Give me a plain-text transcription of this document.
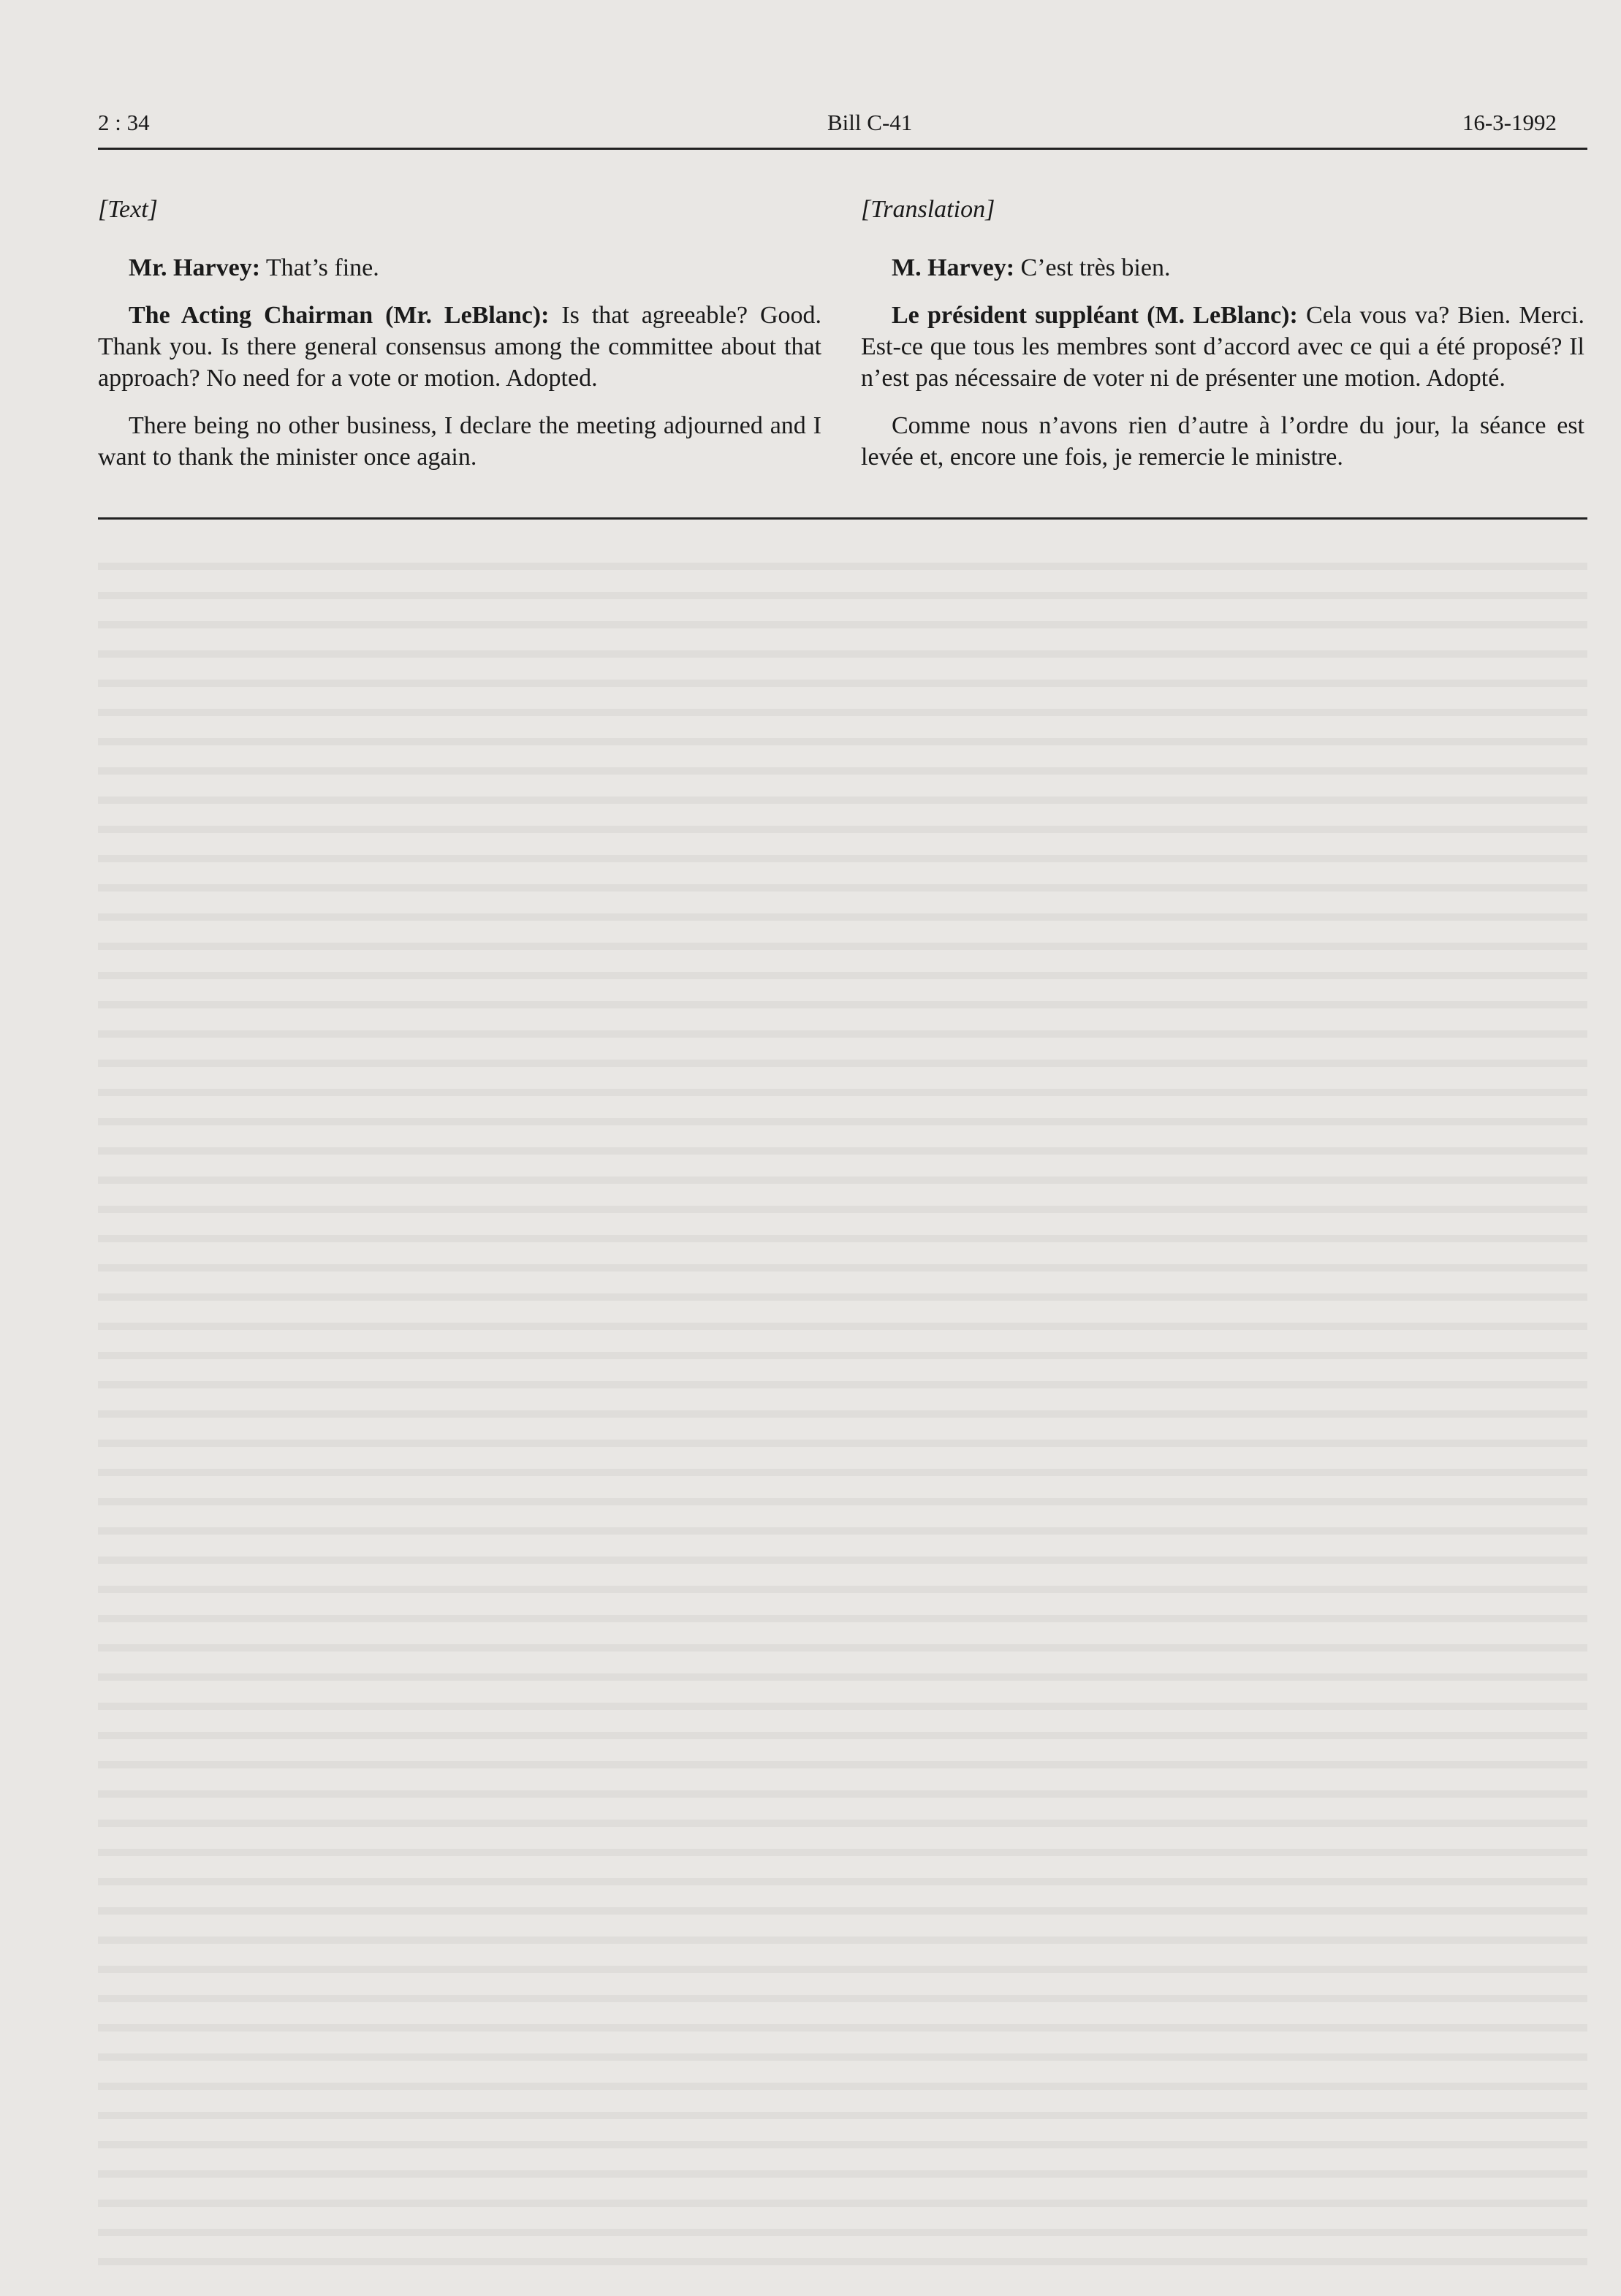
2 : 34	Bill C-41	16-3-1992
[Text]

Mr. Harvey: That’s fine.

The Acting Chairman (Mr. LeBlanc): Is that agreeable? Good. Thank you. Is there general consensus among the committee about that approach? No need for a vote or motion. Adopted.

There being no other business, I declare the meeting adjourned and I want to thank the minister once again.

[Translation]

M. Harvey: C’est très bien.

Le président suppléant (M. LeBlanc): Cela vous va? Bien. Merci. Est-ce que tous les membres sont d’accord avec ce qui a été proposé? Il n’est pas nécessaire de voter ni de présenter une motion. Adopté.

Comme nous n’avons rien d’autre à l’ordre du jour, la séance est levée et, encore une fois, je remercie le ministre.
